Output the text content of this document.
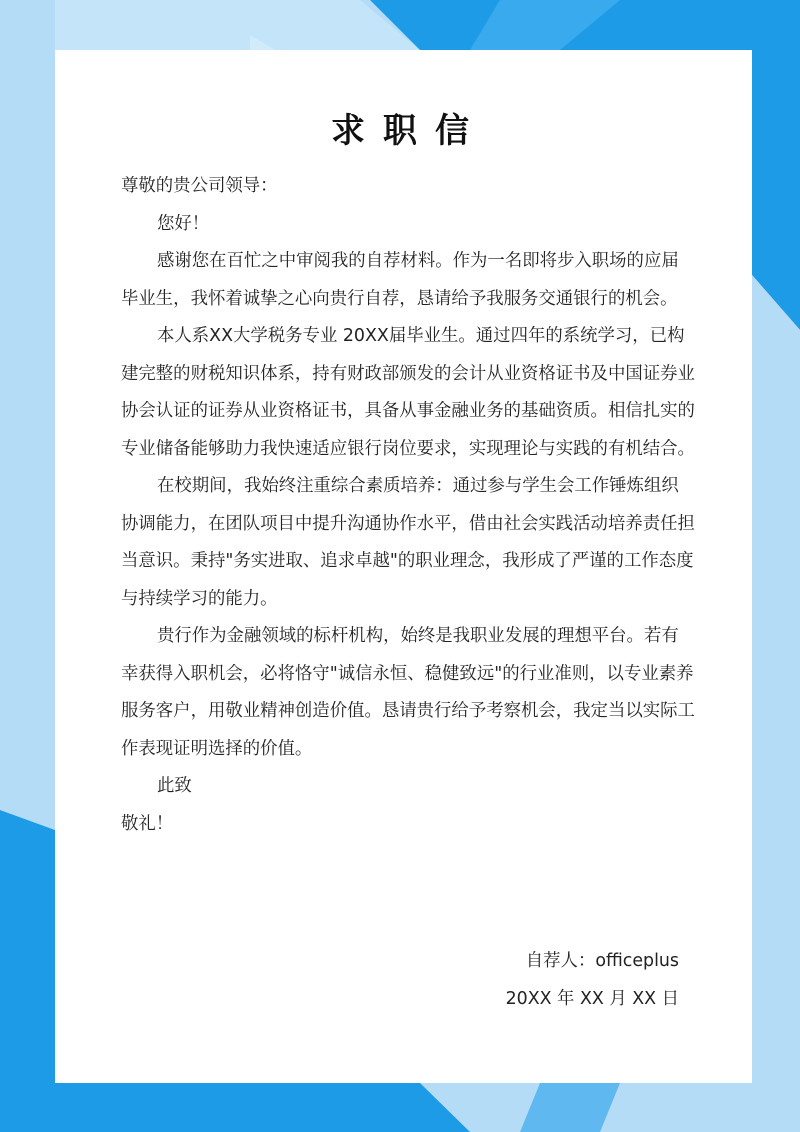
求职信

尊敬的贵公司领导：

您好！

感谢您在百忙之中审阅我的自荐材料。作为一名即将步入职场的应届毕业生，我怀着诚挚之心向贵行自荐，恳请给予我服务交通银行的机会。

本人系XX大学税务专业 20XX届毕业生。通过四年的系统学习，已构建完整的财税知识体系，持有财政部颁发的会计从业资格证书及中国证券业协会认证的证券从业资格证书，具备从事金融业务的基础资质。相信扎实的专业储备能够助力我快速适应银行岗位要求，实现理论与实践的有机结合。

在校期间，我始终注重综合素质培养：通过参与学生会工作锤炼组织协调能力，在团队项目中提升沟通协作水平，借由社会实践活动培养责任担当意识。秉持"务实进取、追求卓越"的职业理念，我形成了严谨的工作态度与持续学习的能力。

贵行作为金融领域的标杆机构，始终是我职业发展的理想平台。若有幸获得入职机会，必将恪守"诚信永恒、稳健致远"的行业准则，以专业素养服务客户，用敬业精神创造价值。恳请贵行给予考察机会，我定当以实际工作表现证明选择的价值。

此致

敬礼！

自荐人：officeplus

20XX 年 XX 月 XX 日
